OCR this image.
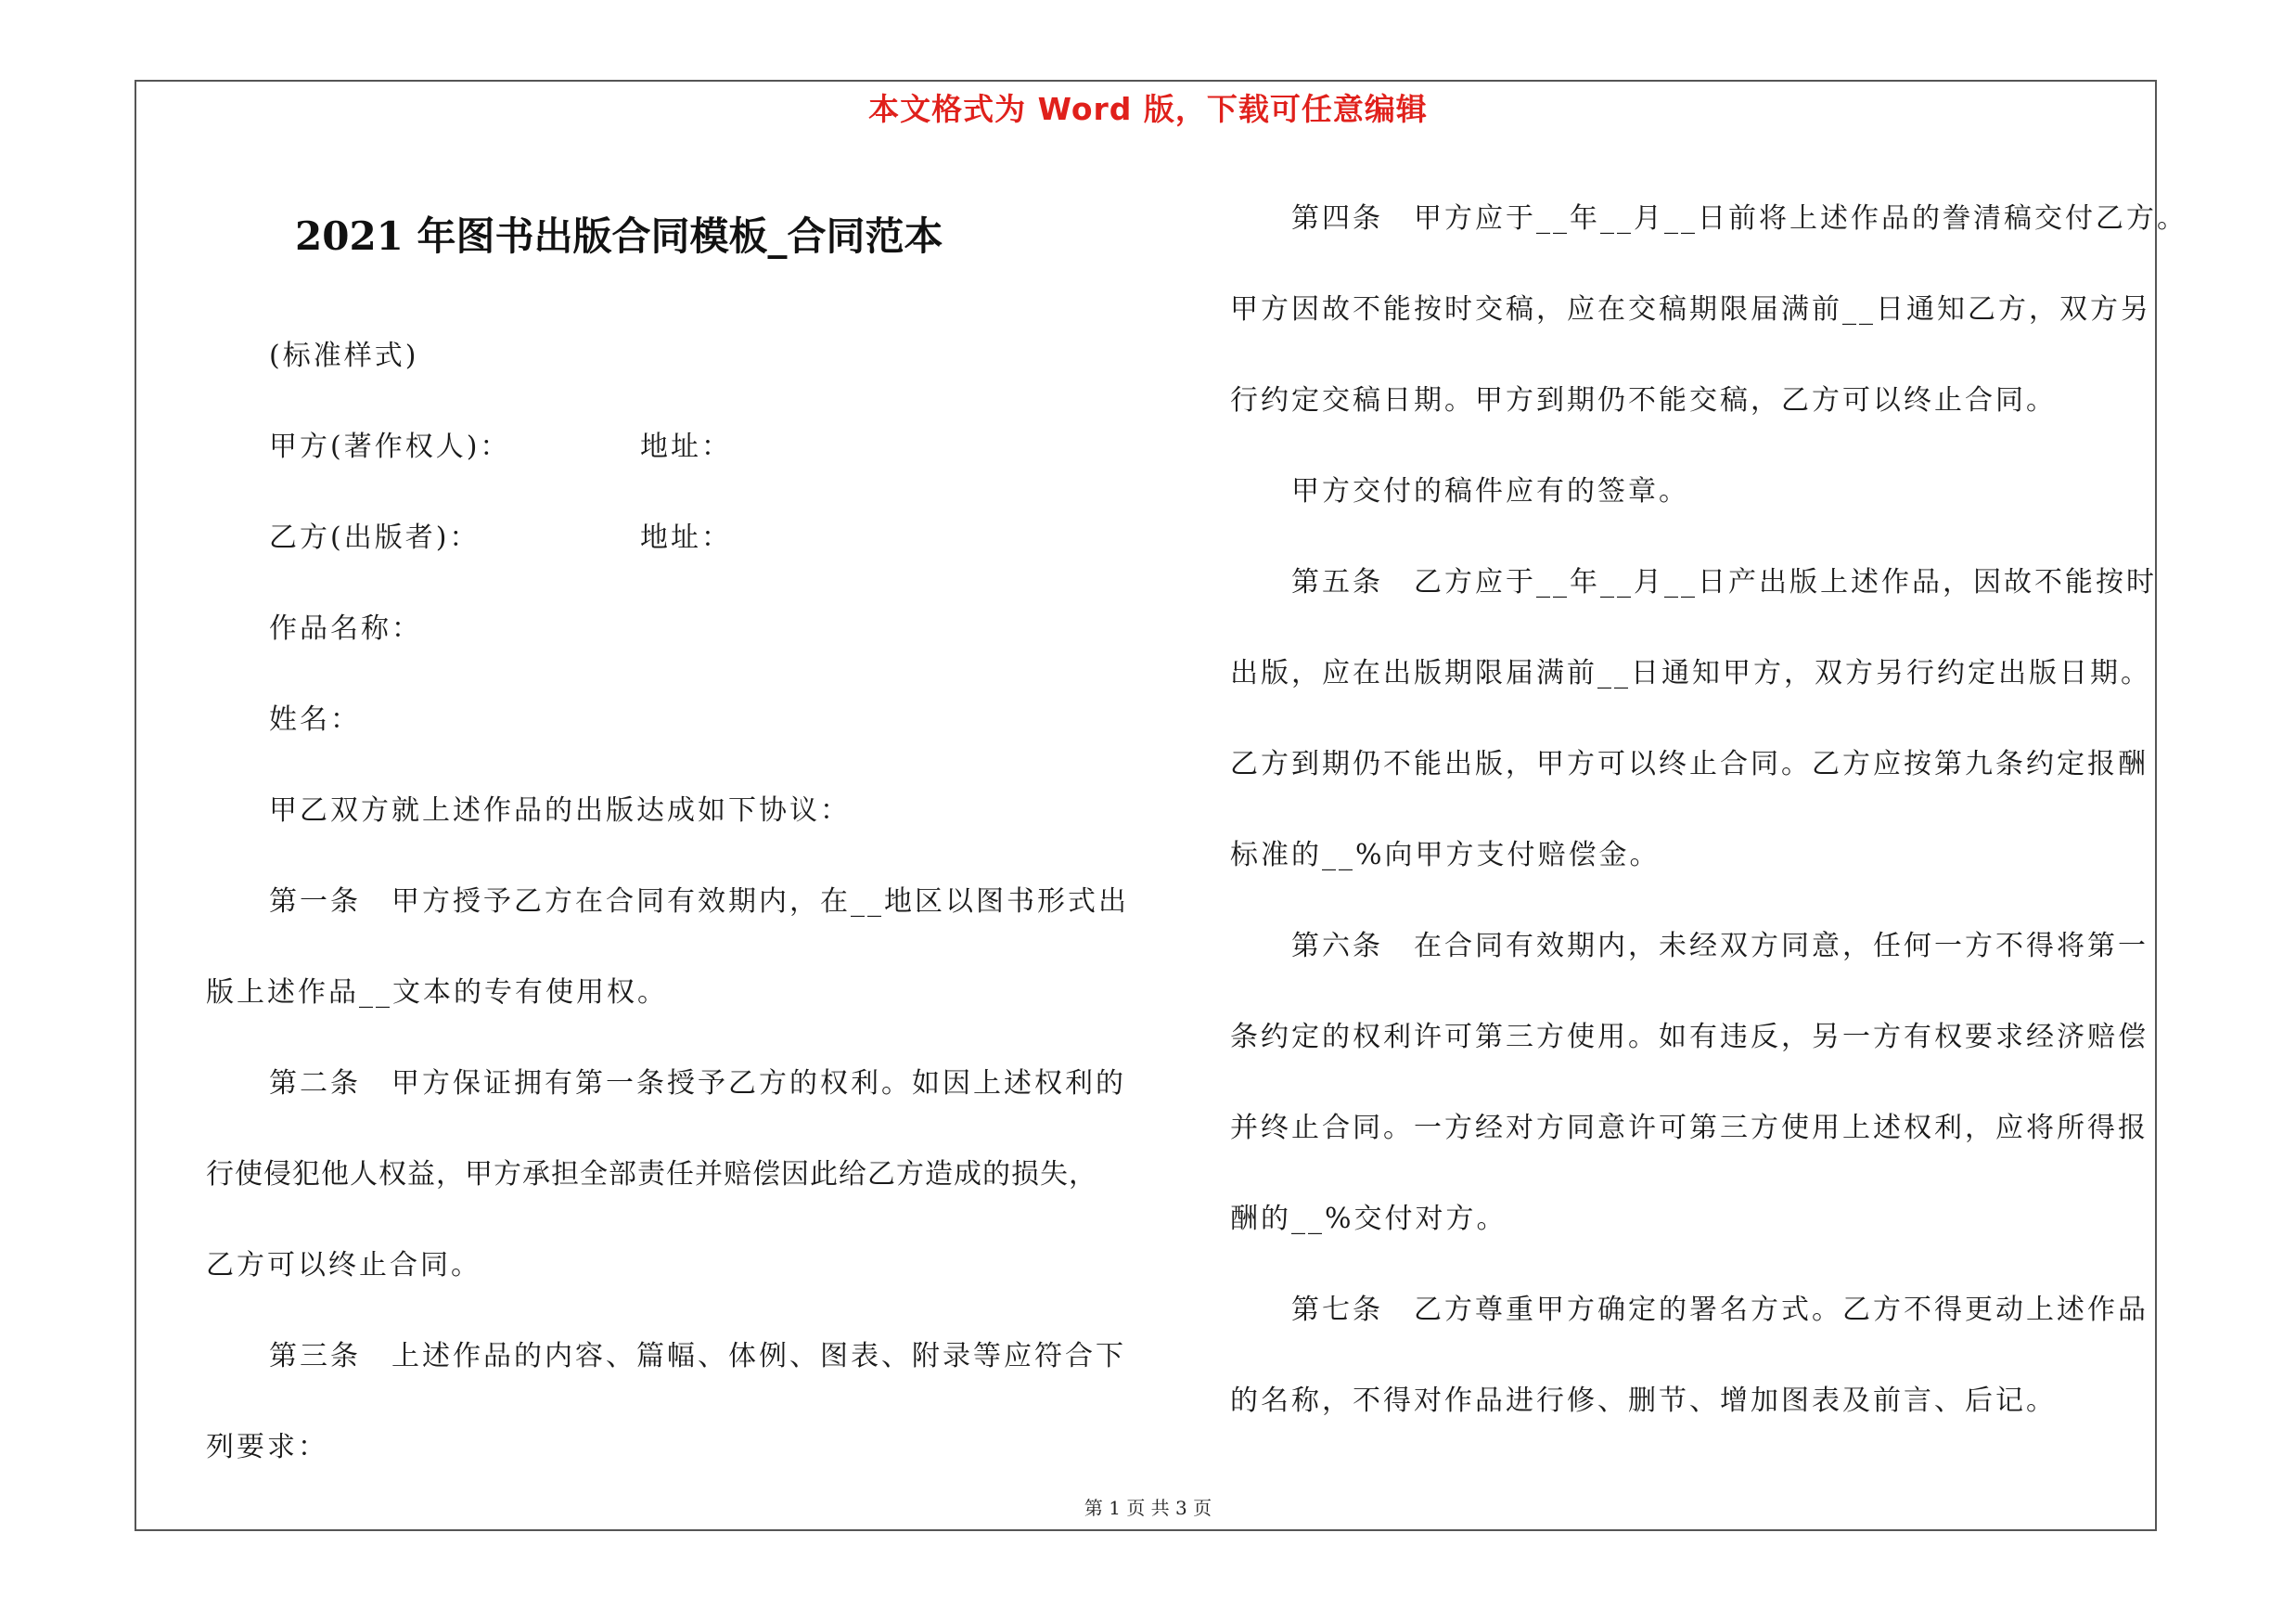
本文格式为 Word 版，下载可任意编辑
2021 年图书出版合同模板_合同范本
(标准样式)
甲方(著作权人)：	地址：
乙方(出版者)：	地址：
作品名称：
姓名：
甲乙双方就上述作品的出版达成如下协议：
第一条　甲方授予乙方在合同有效期内，在__地区以图书形式出
版上述作品__文本的专有使用权。
第二条　甲方保证拥有第一条授予乙方的权利。如因上述权利的
行使侵犯他人权益，甲方承担全部责任并赔偿因此给乙方造成的损失，
乙方可以终止合同。
第三条　上述作品的内容、篇幅、体例、图表、附录等应符合下
列要求：
第四条　甲方应于__年__月__日前将上述作品的誊清稿交付乙方。
甲方因故不能按时交稿，应在交稿期限届满前__日通知乙方，双方另
行约定交稿日期。甲方到期仍不能交稿，乙方可以终止合同。
甲方交付的稿件应有的签章。
第五条　乙方应于__年__月__日产出版上述作品，因故不能按时
出版，应在出版期限届满前__日通知甲方，双方另行约定出版日期。
乙方到期仍不能出版，甲方可以终止合同。乙方应按第九条约定报酬
标准的__%向甲方支付赔偿金。
第六条　在合同有效期内，未经双方同意，任何一方不得将第一
条约定的权利许可第三方使用。如有违反，另一方有权要求经济赔偿
并终止合同。一方经对方同意许可第三方使用上述权利，应将所得报
酬的__%交付对方。
第七条　乙方尊重甲方确定的署名方式。乙方不得更动上述作品
的名称，不得对作品进行修、删节、增加图表及前言、后记。
第 1 页 共 3 页
